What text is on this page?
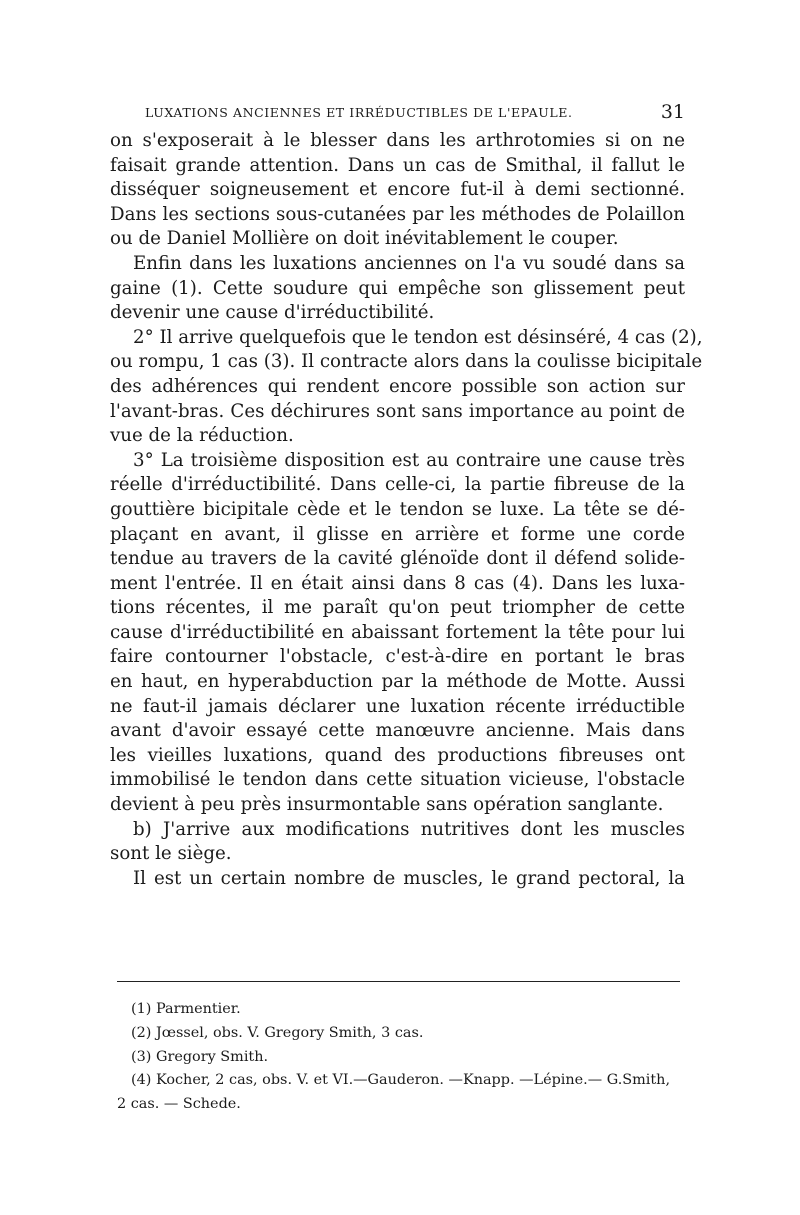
LUXATIONS ANCIENNES ET IRRÉDUCTIBLES DE L'EPAULE.	31

on s'exposerait à le blesser dans les arthrotomies si on ne
faisait grande attention. Dans un cas de Smithal, il fallut le
disséquer soigneusement et encore fut-il à demi sectionné.
Dans les sections sous-cutanées par les méthodes de Polaillon
ou de Daniel Mollière on doit inévitablement le couper.

Enfin dans les luxations anciennes on l'a vu soudé dans sa
gaine (1). Cette soudure qui empêche son glissement peut
devenir une cause d'irréductibilité.

2° Il arrive quelquefois que le tendon est désinséré, 4 cas (2),
ou rompu, 1 cas (3). Il contracte alors dans la coulisse bicipitale
des adhérences qui rendent encore possible son action sur
l'avant-bras. Ces déchirures sont sans importance au point de
vue de la réduction.

3° La troisième disposition est au contraire une cause très
réelle d'irréductibilité. Dans celle-ci, la partie fibreuse de la
gouttière bicipitale cède et le tendon se luxe. La tête se dé-
plaçant en avant, il glisse en arrière et forme une corde
tendue au travers de la cavité glénoïde dont il défend solide-
ment l'entrée. Il en était ainsi dans 8 cas (4). Dans les luxa-
tions récentes, il me paraît qu'on peut triompher de cette
cause d'irréductibilité en abaissant fortement la tête pour lui
faire contourner l'obstacle, c'est-à-dire en portant le bras
en haut, en hyperabduction par la méthode de Motte. Aussi
ne faut-il jamais déclarer une luxation récente irréductible
avant d'avoir essayé cette manœuvre ancienne. Mais dans
les vieilles luxations, quand des productions fibreuses ont
immobilisé le tendon dans cette situation vicieuse, l'obstacle
devient à peu près insurmontable sans opération sanglante.

b) J'arrive aux modifications nutritives dont les muscles
sont le siège.

Il est un certain nombre de muscles, le grand pectoral, la

(1) Parmentier.
(2) Jœssel, obs. V. Gregory Smith, 3 cas.
(3) Gregory Smith.
(4) Kocher, 2 cas, obs. V. et VI.—Gauderon. —Knapp. —Lépine.— G.Smith,
2 cas. — Schede.
